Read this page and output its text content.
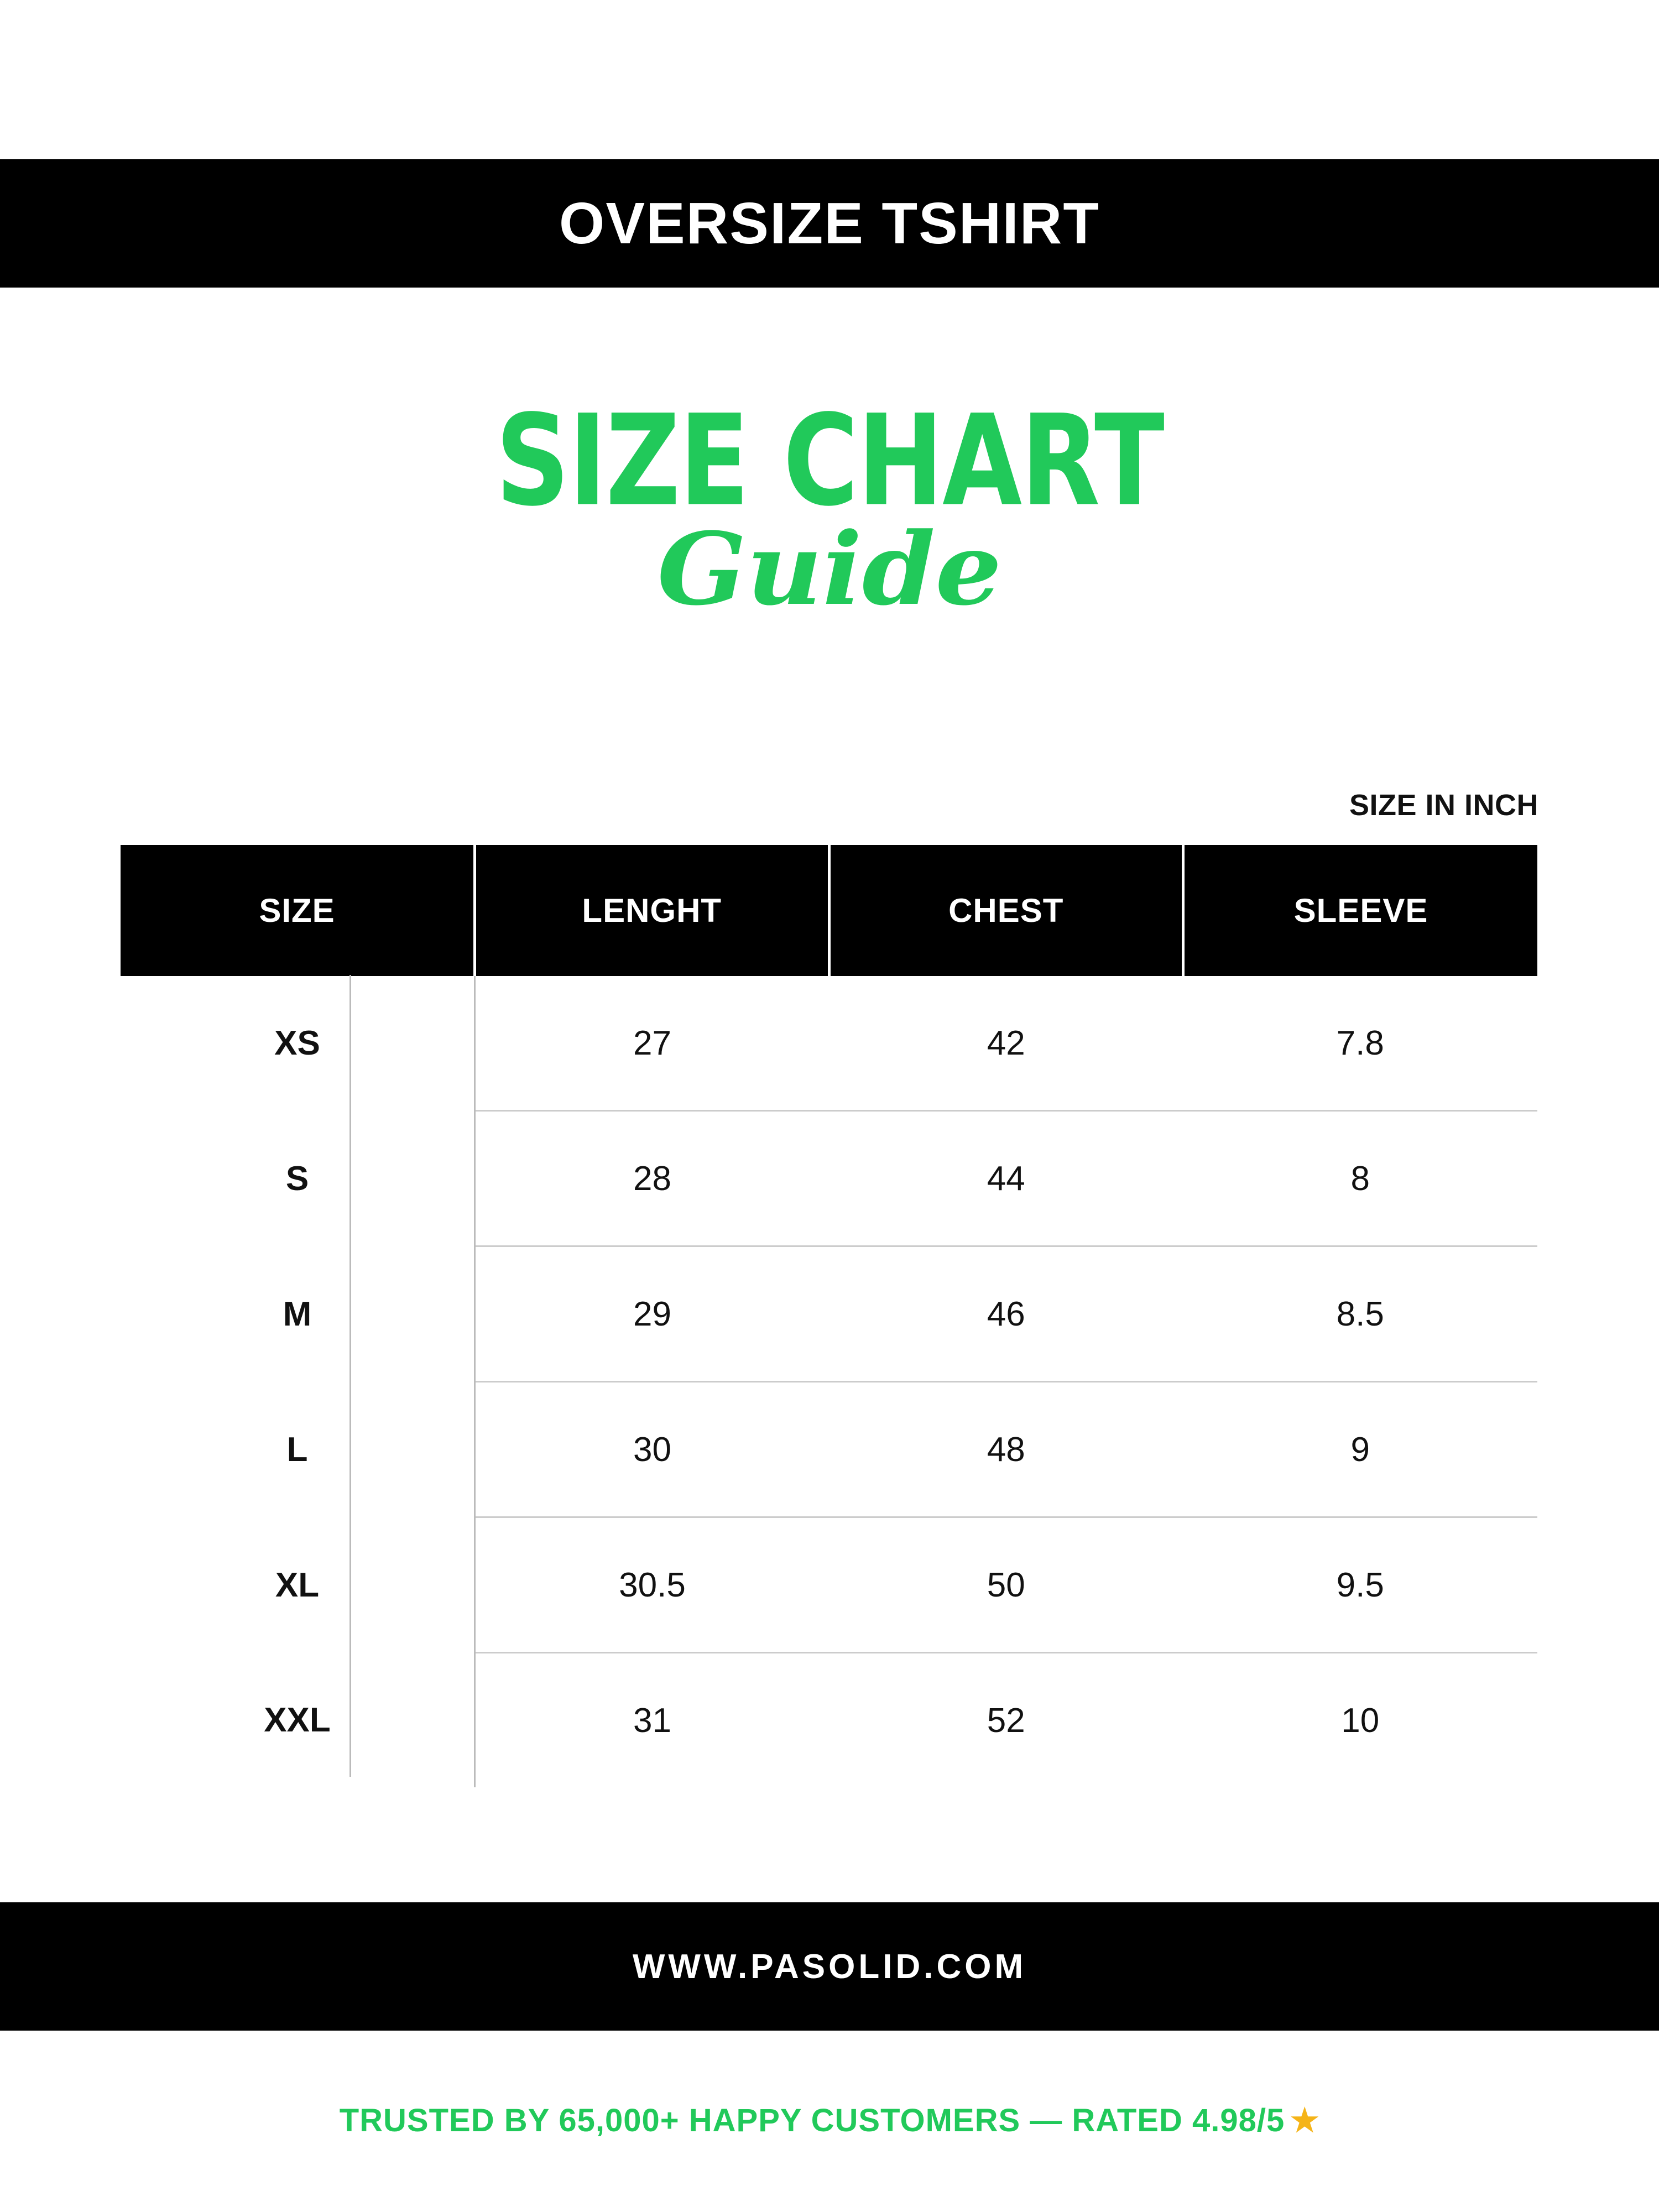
OVERSIZE TSHIRT
SIZE CHART
Guide
SIZE IN INCH
SIZE	LENGHT	CHEST	SLEEVE
XS	27	42	7.8
S	28	44	8
M	29	46	8.5
L	30	48	9
XL	30.5	50	9.5
XXL	31	52	10
WWW.PASOLID.COM
TRUSTED BY 65,000+ HAPPY CUSTOMERS — RATED 4.98/5 ★
